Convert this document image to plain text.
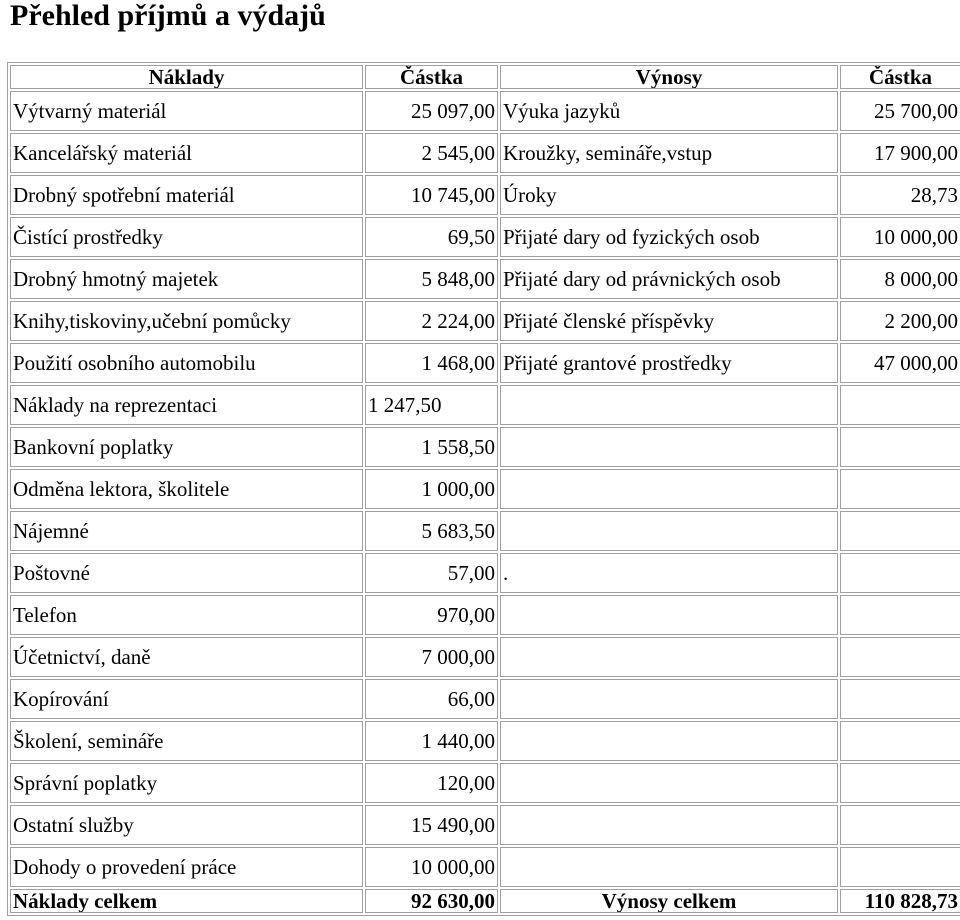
Přehled příjmů a výdajů
Náklady	Částka	Výnosy	Částka
Výtvarný materiál	25 097,00	Výuka jazyků	25 700,00
Kancelářský materiál	2 545,00	Kroužky, semináře,vstup	17 900,00
Drobný spotřební materiál	10 745,00	Úroky	28,73
Čistící prostředky	69,50	Přijaté dary od fyzických osob	10 000,00
Drobný hmotný majetek	5 848,00	Přijaté dary od právnických osob	8 000,00
Knihy,tiskoviny,učební pomůcky	2 224,00	Přijaté členské příspěvky	2 200,00
Použití osobního automobilu	1 468,00	Přijaté grantové prostředky	47 000,00
Náklady na reprezentaci	1 247,50		
Bankovní poplatky	1 558,50		
Odměna lektora, školitele	1 000,00		
Nájemné	5 683,50		
Poštovné	57,00	.	
Telefon	970,00		
Účetnictví, daně	7 000,00		
Kopírování	66,00		
Školení, semináře	1 440,00		
Správní poplatky	120,00		
Ostatní služby	15 490,00		
Dohody o provedení práce	10 000,00		
Náklady celkem	92 630,00	Výnosy celkem	110 828,73
